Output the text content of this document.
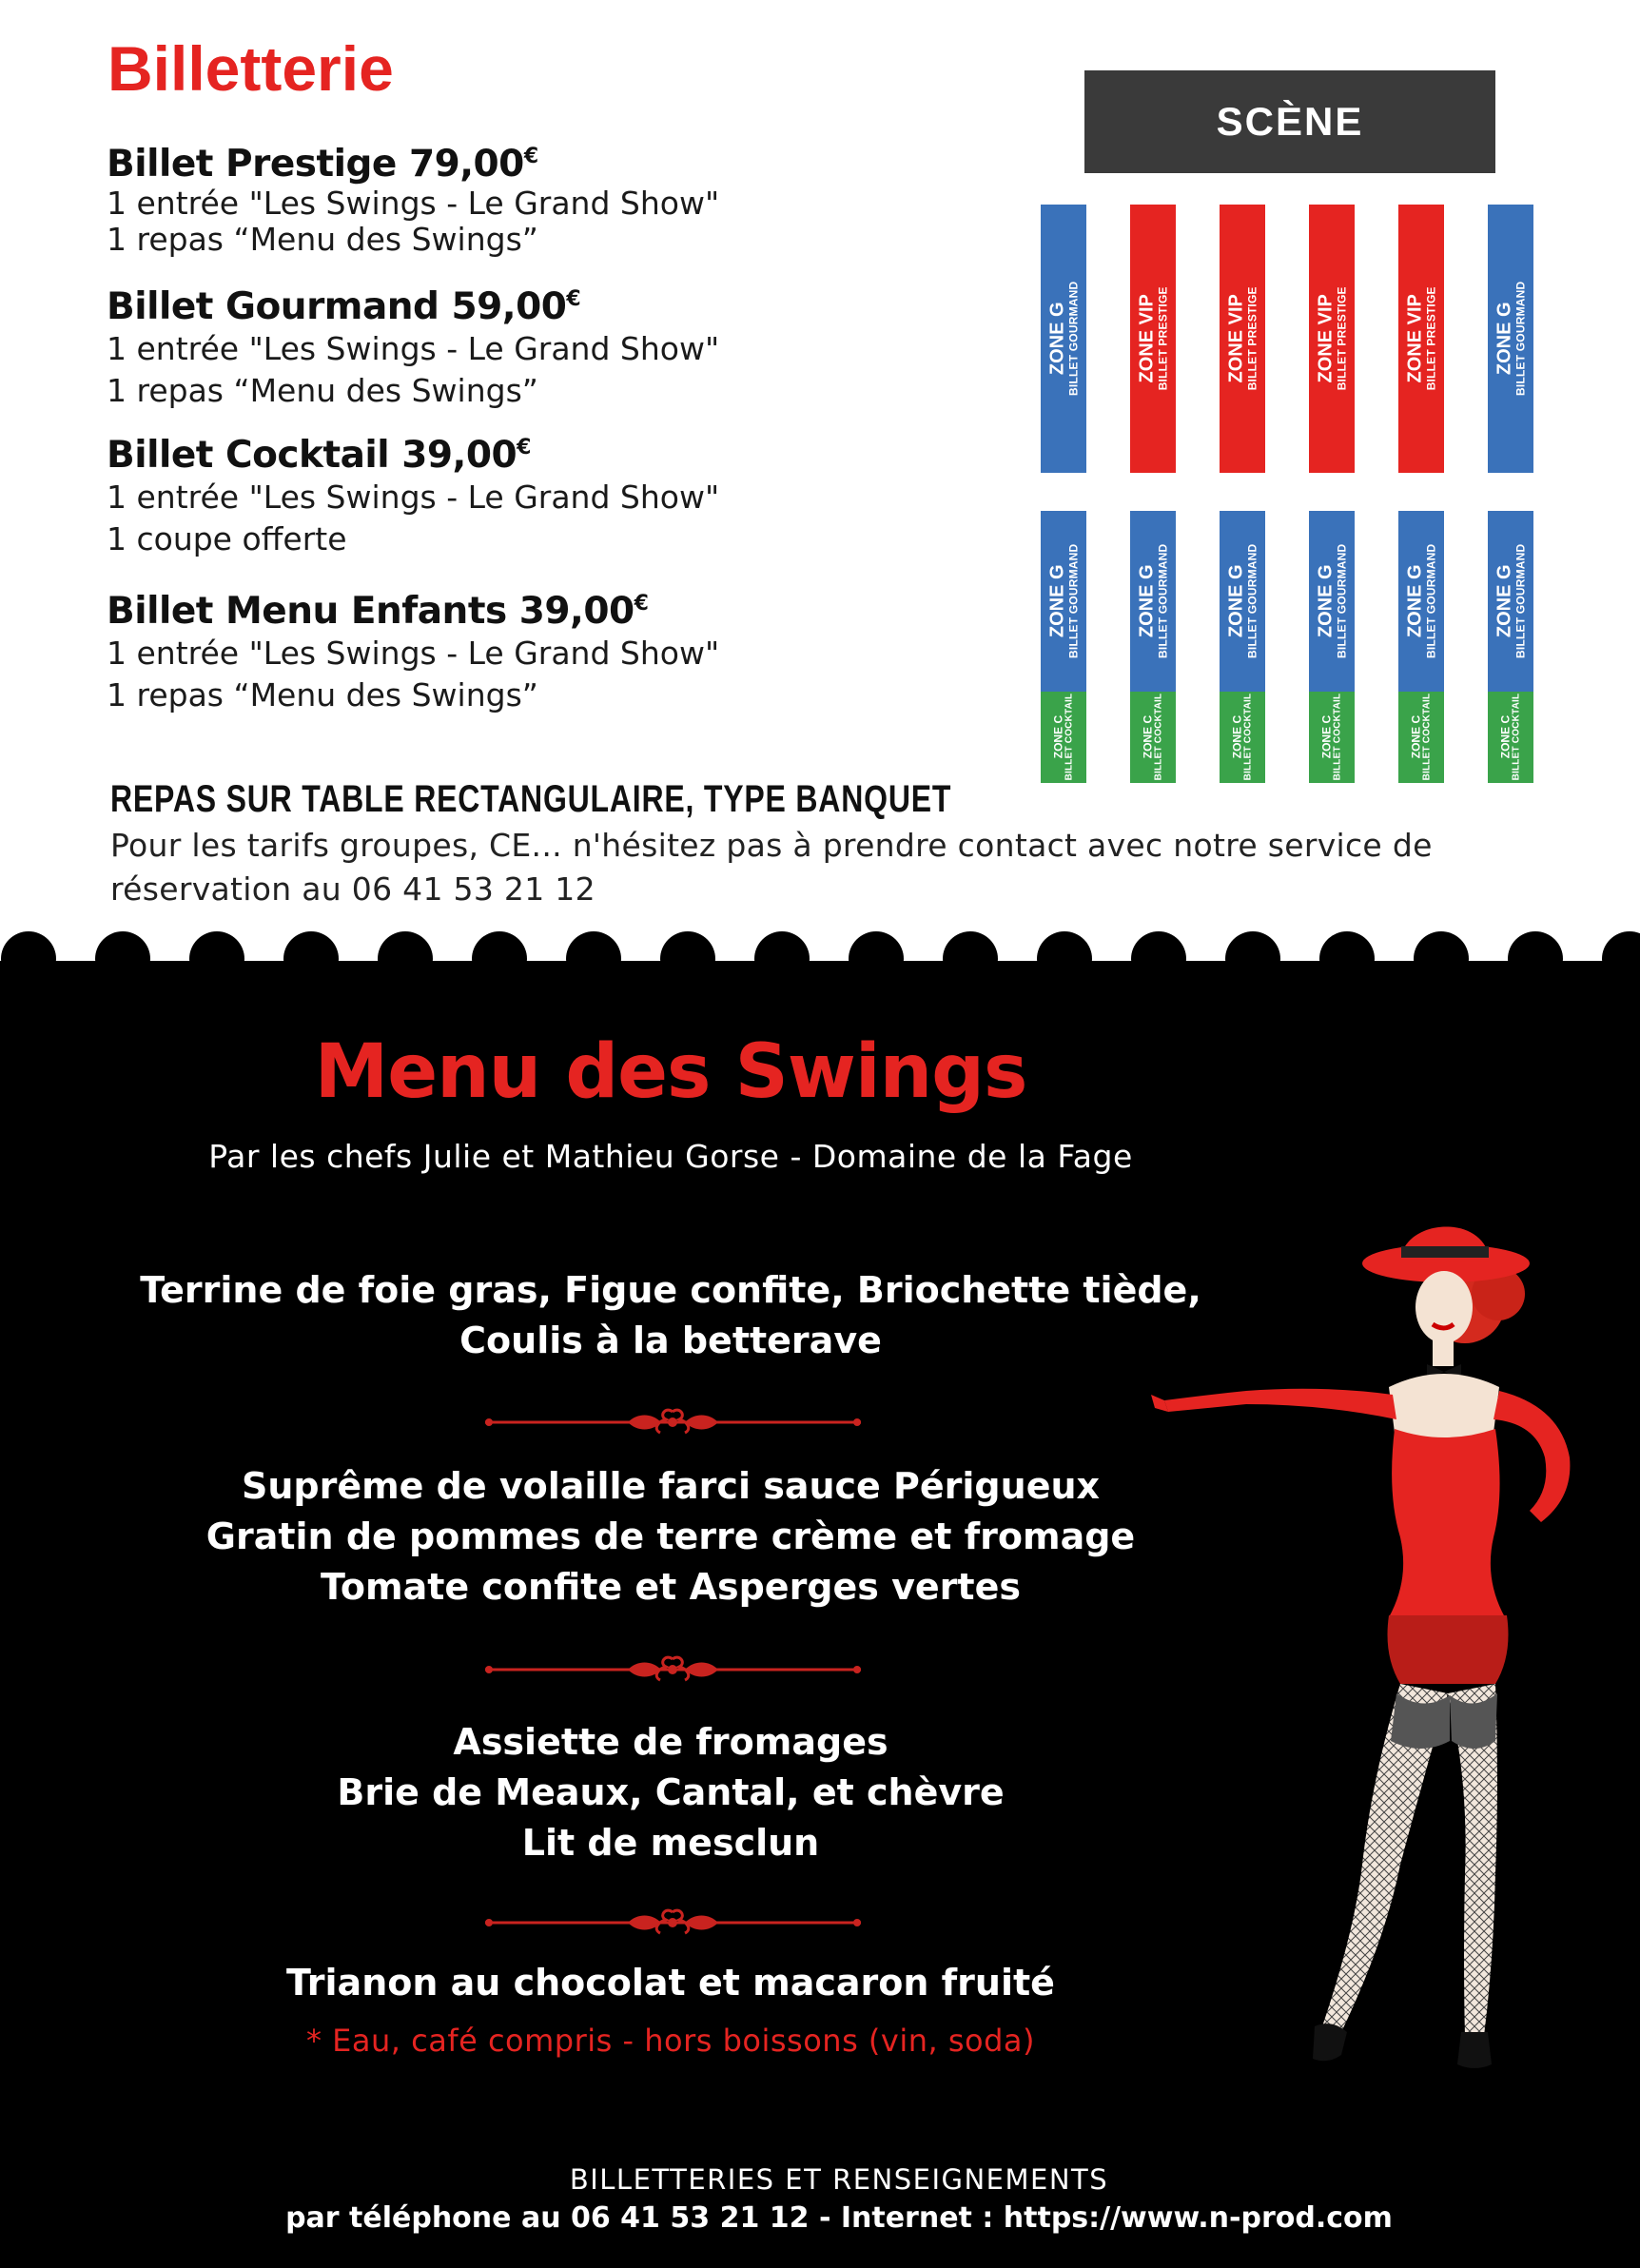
Billetterie
Billet Prestige 79,00€
1 entrée "Les Swings - Le Grand Show"
1 repas “Menu des Swings”
Billet Gourmand 59,00€
1 entrée "Les Swings - Le Grand Show"
1 repas “Menu des Swings”
Billet Cocktail 39,00€
1 entrée "Les Swings - Le Grand Show"
1 coupe offerte
Billet Menu Enfants 39,00€
1 entrée "Les Swings - Le Grand Show"
1 repas “Menu des Swings”
REPAS SUR TABLE RECTANGULAIRE, TYPE BANQUET
Pour les tarifs groupes, CE... n'hésitez pas à prendre contact avec notre service de réservation au 06 41 53 21 12
SCÈNE
ZONE G BILLET GOURMAND	ZONE VIP BILLET PRESTIGE	ZONE VIP BILLET PRESTIGE	ZONE VIP BILLET PRESTIGE	ZONE VIP BILLET PRESTIGE	ZONE G BILLET GOURMAND
ZONE G BILLET GOURMAND	ZONE G BILLET GOURMAND	ZONE G BILLET GOURMAND	ZONE G BILLET GOURMAND	ZONE G BILLET GOURMAND	ZONE G BILLET GOURMAND
ZONE C
BILLET COCKTAIL	ZONE C
BILLET COCKTAIL	ZONE C
BILLET COCKTAIL	ZONE C
BILLET COCKTAIL	ZONE C
BILLET COCKTAIL	ZONE C
BILLET COCKTAIL
Menu des Swings
Par les chefs Julie et Mathieu Gorse - Domaine de la Fage
Terrine de foie gras, Figue confite, Briochette tiède,
Coulis à la betterave
Suprême de volaille farci sauce Périgueux
Gratin de pommes de terre crème et fromage
Tomate confite et Asperges vertes
Assiette de fromages
Brie de Meaux, Cantal, et chèvre
Lit de mesclun
Trianon au chocolat et macaron fruité
* Eau, café compris - hors boissons (vin, soda)
BILLETTERIES ET RENSEIGNEMENTS
par téléphone au 06 41 53 21 12 - Internet : https://www.n-prod.com
